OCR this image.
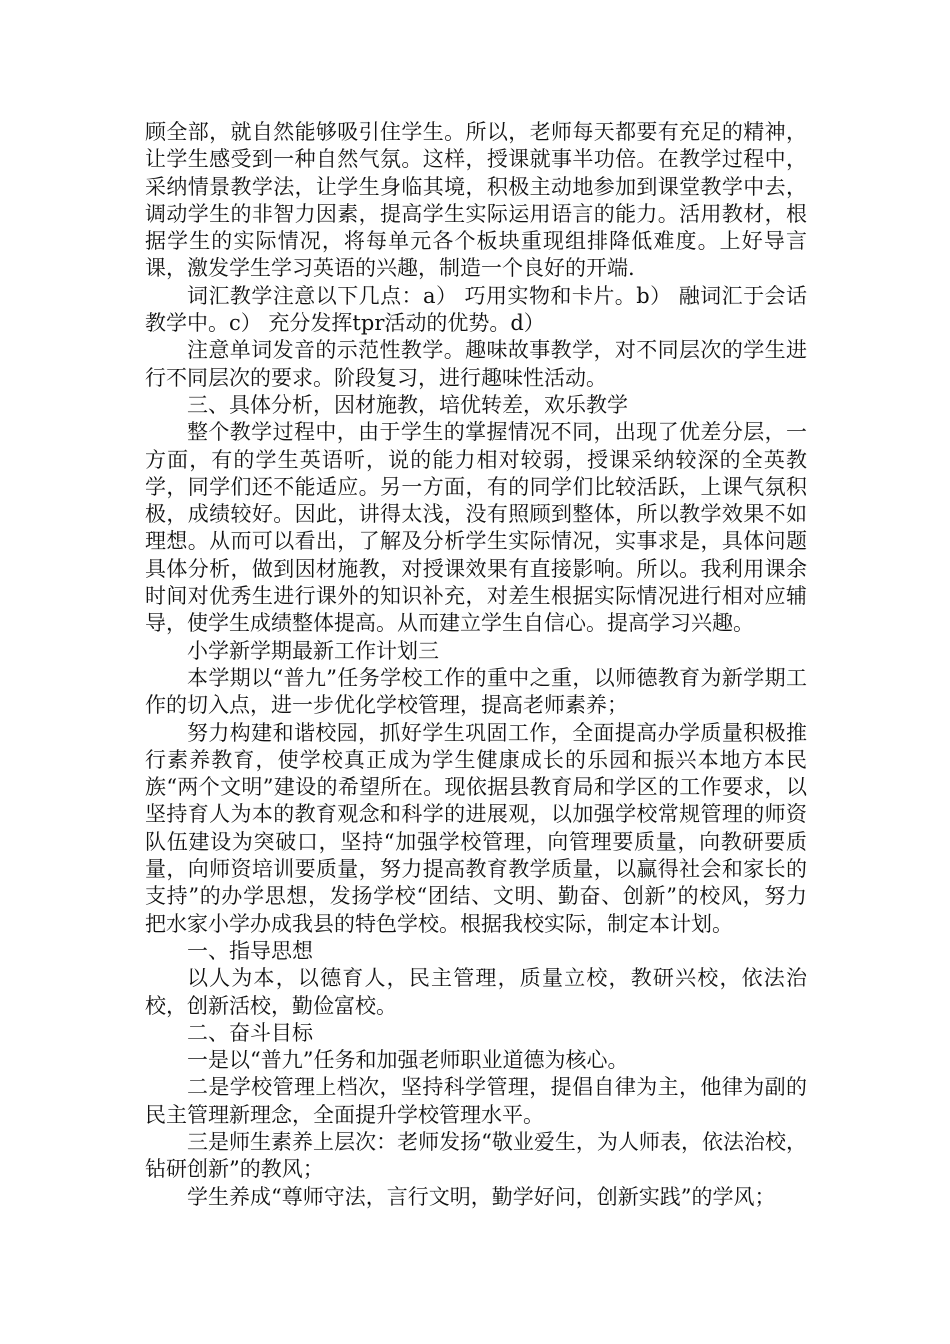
顾全部，就自然能够吸引住学生。所以，老师每天都要有充足的精神，让学生感受到一种自然气氛。这样，授课就事半功倍。在教学过程中，采纳情景教学法，让学生身临其境，积极主动地参加到课堂教学中去，调动学生的非智力因素，提高学生实际运用语言的能力。活用教材，根据学生的实际情况，将每单元各个板块重现组排降低难度。上好导言课，激发学生学习英语的兴趣，制造一个良好的开端.

词汇教学注意以下几点：a） 巧用实物和卡片。b） 融词汇于会话教学中。c） 充分发挥tpr活动的优势。d）

注意单词发音的示范性教学。趣味故事教学，对不同层次的学生进行不同层次的要求。阶段复习，进行趣味性活动。

三、具体分析，因材施教，培优转差，欢乐教学

整个教学过程中，由于学生的掌握情况不同，出现了优差分层，一方面，有的学生英语听，说的能力相对较弱，授课采纳较深的全英教学，同学们还不能适应。另一方面，有的同学们比较活跃，上课气氛积极，成绩较好。因此，讲得太浅，没有照顾到整体，所以教学效果不如理想。从而可以看出，了解及分析学生实际情况，实事求是，具体问题具体分析，做到因材施教，对授课效果有直接影响。所以。我利用课余时间对优秀生进行课外的知识补充，对差生根据实际情况进行相对应辅导，使学生成绩整体提高。从而建立学生自信心。提高学习兴趣。

小学新学期最新工作计划三

本学期以“普九”任务学校工作的重中之重，以师德教育为新学期工作的切入点，进一步优化学校管理，提高老师素养；

努力构建和谐校园，抓好学生巩固工作，全面提高办学质量积极推行素养教育，使学校真正成为学生健康成长的乐园和振兴本地方本民族“两个文明”建设的希望所在。现依据县教育局和学区的工作要求，以坚持育人为本的教育观念和科学的进展观，以加强学校常规管理的师资队伍建设为突破口，坚持“加强学校管理，向管理要质量，向教研要质量，向师资培训要质量，努力提高教育教学质量，以赢得社会和家长的支持”的办学思想，发扬学校“团结、文明、勤奋、创新”的校风，努力把水家小学办成我县的特色学校。根据我校实际，制定本计划。

一、指导思想

以人为本，以德育人，民主管理，质量立校，教研兴校，依法治校，创新活校，勤俭富校。

二、奋斗目标

一是以“普九”任务和加强老师职业道德为核心。

二是学校管理上档次，坚持科学管理，提倡自律为主，他律为副的民主管理新理念，全面提升学校管理水平。

三是师生素养上层次：老师发扬“敬业爱生，为人师表，依法治校，钻研创新”的教风；

学生养成“尊师守法，言行文明，勤学好问，创新实践”的学风；
